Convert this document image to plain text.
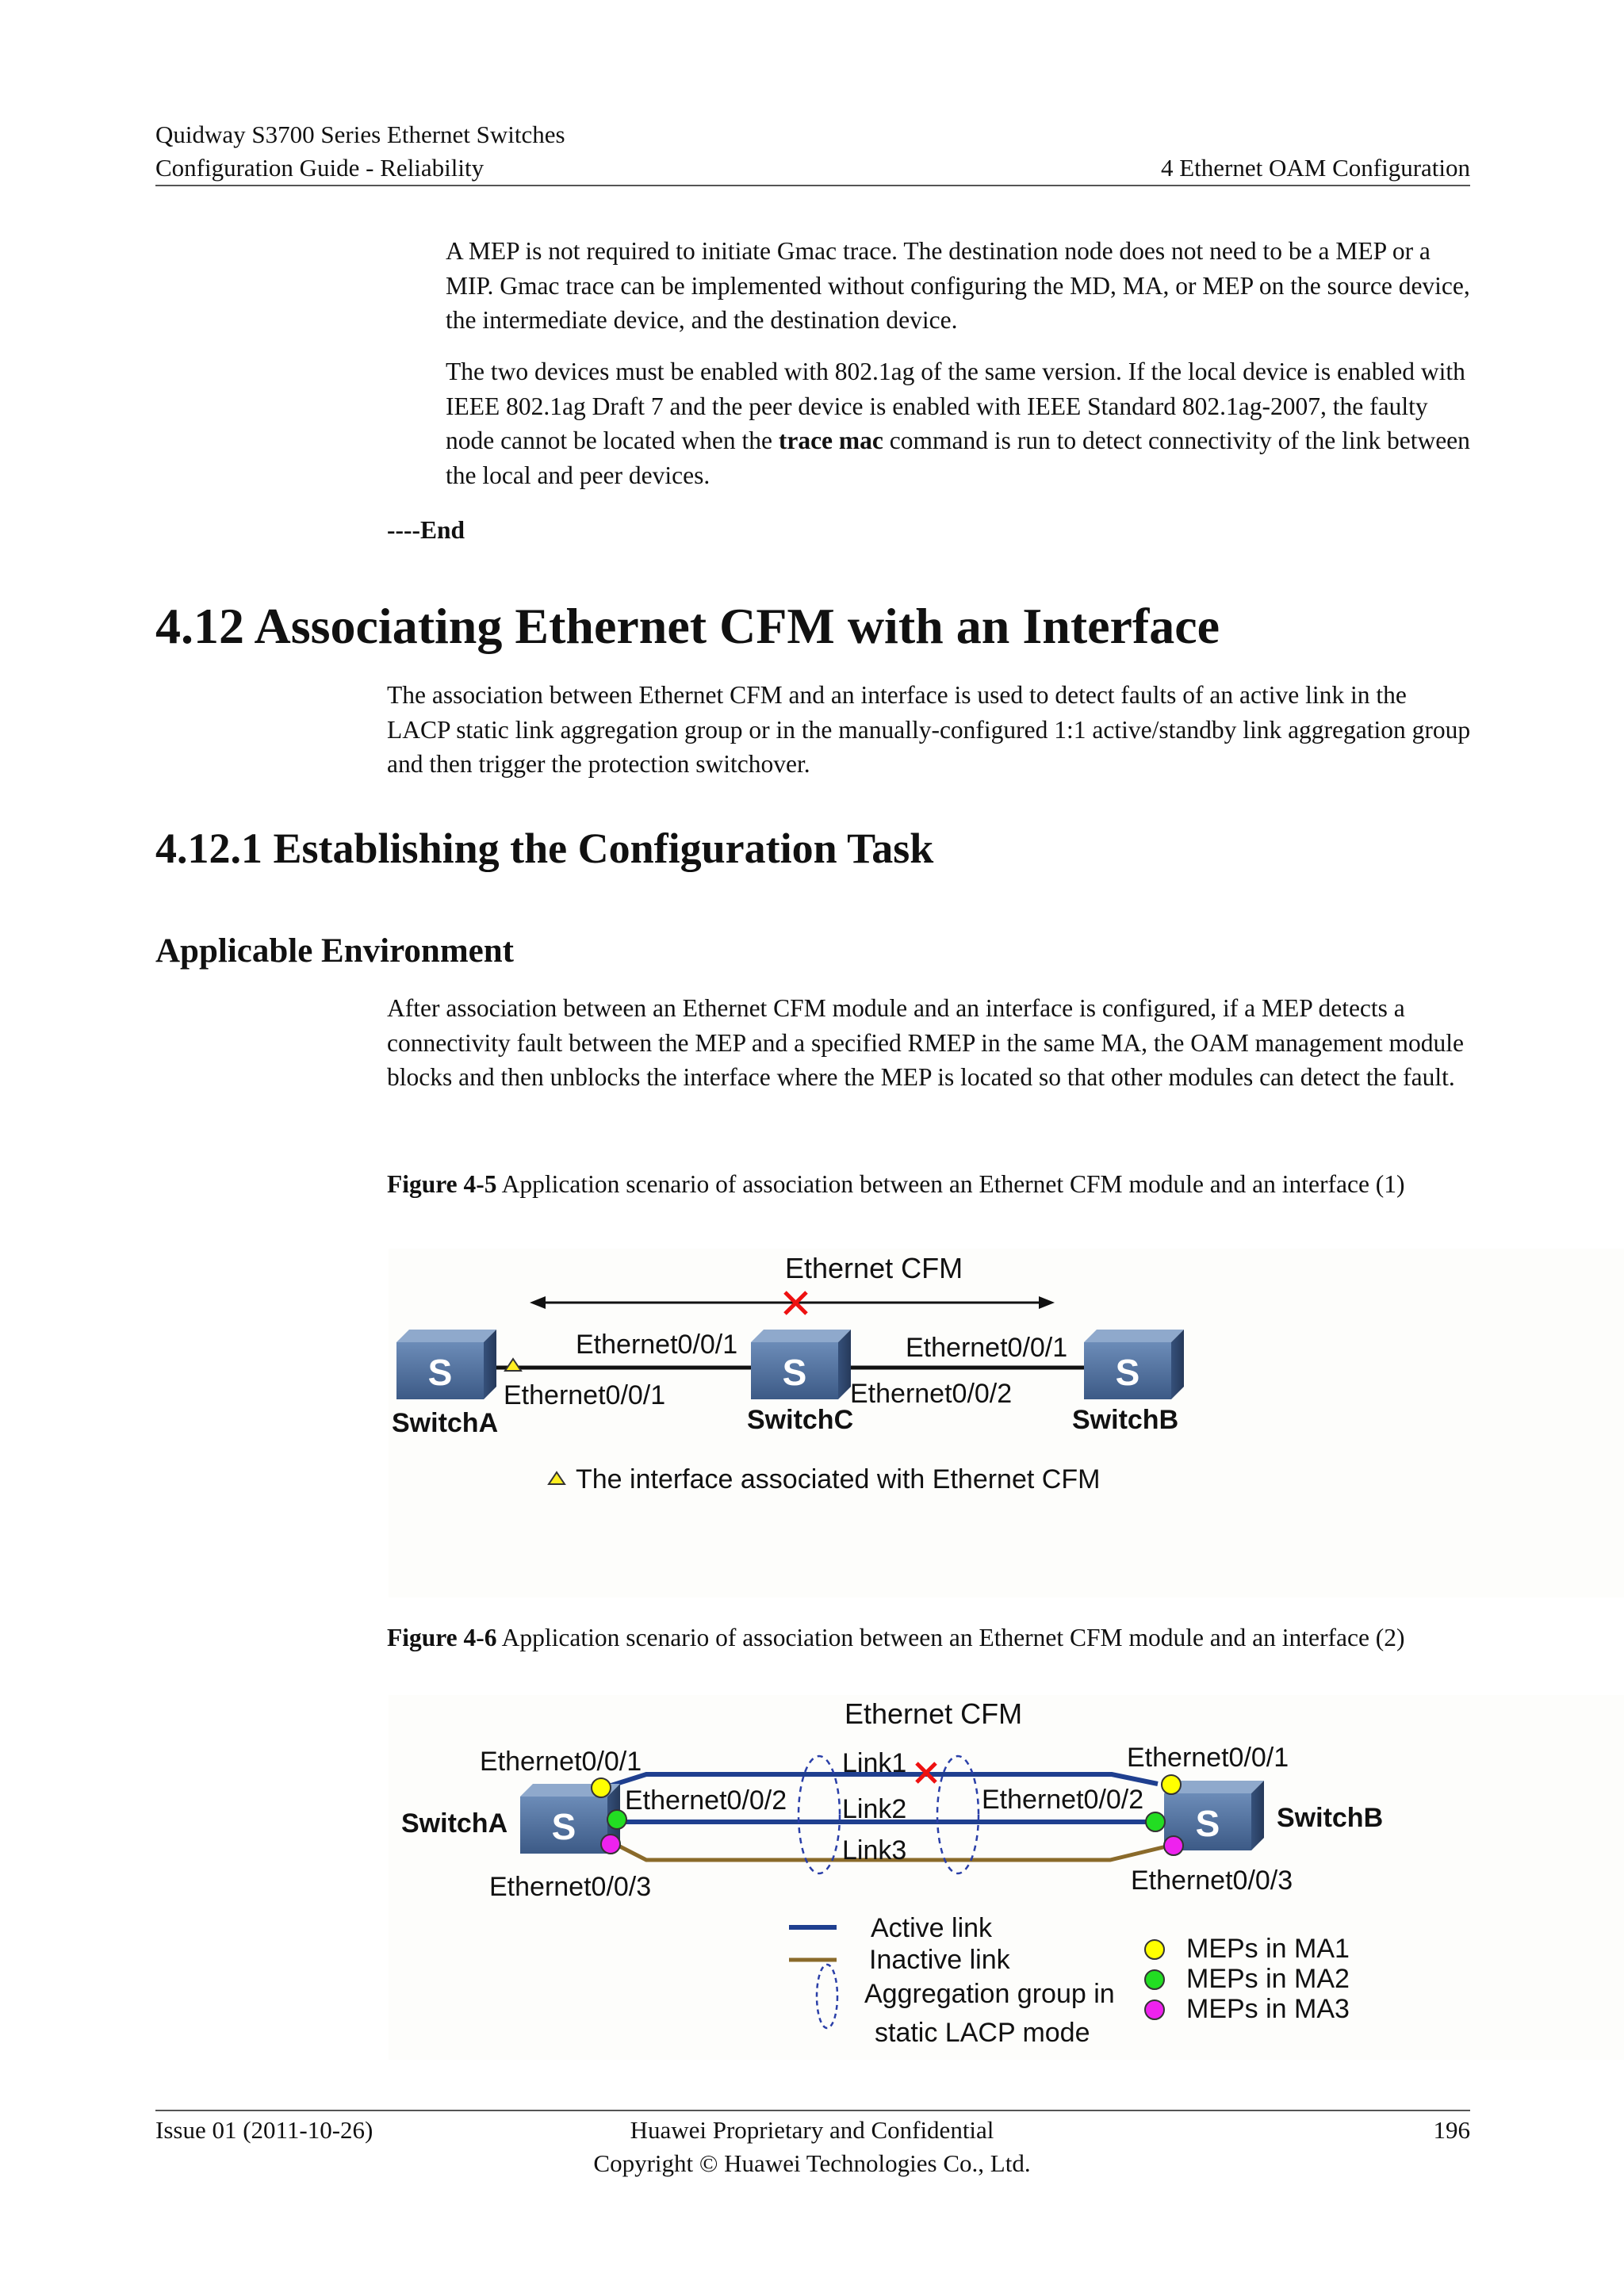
Quidway S3700 Series Ethernet Switches
Configuration Guide - Reliability	4 Ethernet OAM Configuration

A MEP is not required to initiate Gmac trace. The destination node does not need to be a MEP or a MIP. Gmac trace can be implemented without configuring the MD, MA, or MEP on the source device, the intermediate device, and the destination device.

The two devices must be enabled with 802.1ag of the same version. If the local device is enabled with IEEE 802.1ag Draft 7 and the peer device is enabled with IEEE Standard 802.1ag-2007, the faulty node cannot be located when the trace mac command is run to detect connectivity of the link between the local and peer devices.

----End

4.12 Associating Ethernet CFM with an Interface

The association between Ethernet CFM and an interface is used to detect faults of an active link in the LACP static link aggregation group or in the manually-configured 1:1 active/standby link aggregation group and then trigger the protection switchover.

4.12.1 Establishing the Configuration Task
Applicable Environment

After association between an Ethernet CFM module and an interface is configured, if a MEP detects a connectivity fault between the MEP and a specified RMEP in the same MA, the OAM management module blocks and then unblocks the interface where the MEP is located so that other modules can detect the fault.

Figure 4-5 Application scenario of association between an Ethernet CFM module and an interface (1)

Ethernet CFM
S	S	S
Ethernet0/0/1
Ethernet0/0/1
Ethernet0/0/1
Ethernet0/0/2
SwitchA	SwitchC	SwitchB
The interface associated with Ethernet CFM

Figure 4-6 Application scenario of association between an Ethernet CFM module and an interface (2)

Ethernet CFM
Link1
Link2
Link3
S	S
SwitchA	SwitchB
Ethernet0/0/1
Ethernet0/0/2
Ethernet0/0/3
Ethernet0/0/1
Ethernet0/0/2
Ethernet0/0/3
Active link
Inactive link
Aggregation group in
static LACP mode
MEPs in MA1
MEPs in MA2
MEPs in MA3
Issue 01 (2011-10-26)	Huawei Proprietary and Confidential
Copyright © Huawei Technologies Co., Ltd.
196
